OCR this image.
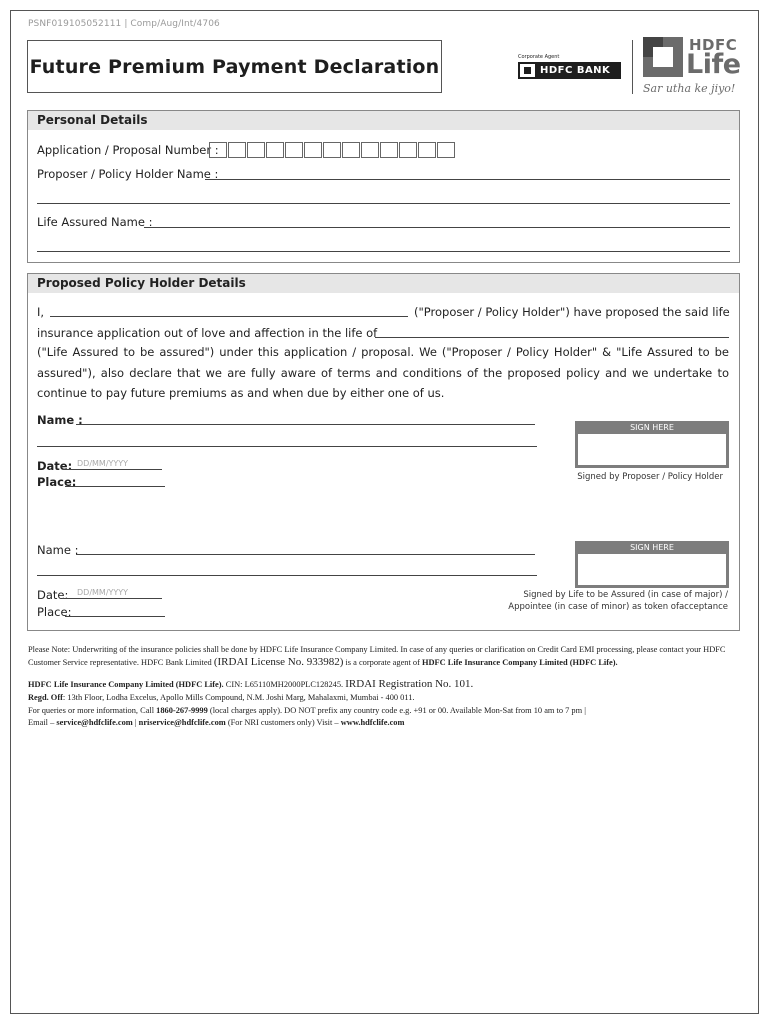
PSNF019105052111 | Comp/Aug/Int/4706
Future Premium Payment Declaration	Corporate Agent
HDFC BANK
HDFC
Life
Sar utha ke jiyo!
Personal Details
Application / Proposal Number :
Proposer / Policy Holder Name :
Life Assured Name :
Proposed Policy Holder Details
I,	("Proposer / Policy Holder") have proposed the said life
insurance application out of love and affection in the life of
("Life Assured to be assured") under this application / proposal. We ("Proposer / Policy Holder" & "Life Assured to be assured"), also declare that we are fully aware of terms and conditions of the proposed policy and we undertake to continue to pay future premiums as and when due by either one of us.
Name :
Date: DD/MM/YYYY
Place:
SIGN HERE
Signed by Proposer / Policy Holder
Name :
Date: DD/MM/YYYY
Place:
SIGN HERE
Signed by Life to be Assured (in case of major) /
Appointee (in case of minor) as token ofacceptance
Please Note: Underwriting of the insurance policies shall be done by HDFC Life Insurance Company Limited. In case of any queries or clarification on Credit Card EMI processing, please contact your HDFC Customer Service representative. HDFC Bank Limited (IRDAI License No. 933982) is a corporate agent of HDFC Life Insurance Company Limited (HDFC Life).
HDFC Life Insurance Company Limited (HDFC Life). CIN: L65110MH2000PLC128245. IRDAI Registration No. 101.
Regd. Off: 13th Floor, Lodha Excelus, Apollo Mills Compound, N.M. Joshi Marg, Mahalaxmi, Mumbai - 400 011.
For queries or more information, Call 1860-267-9999 (local charges apply). DO NOT prefix any country code e.g. +91 or 00. Available Mon-Sat from 10 am to 7 pm |
Email – service@hdfclife.com | nriservice@hdfclife.com (For NRI customers only) Visit – www.hdfclife.com
